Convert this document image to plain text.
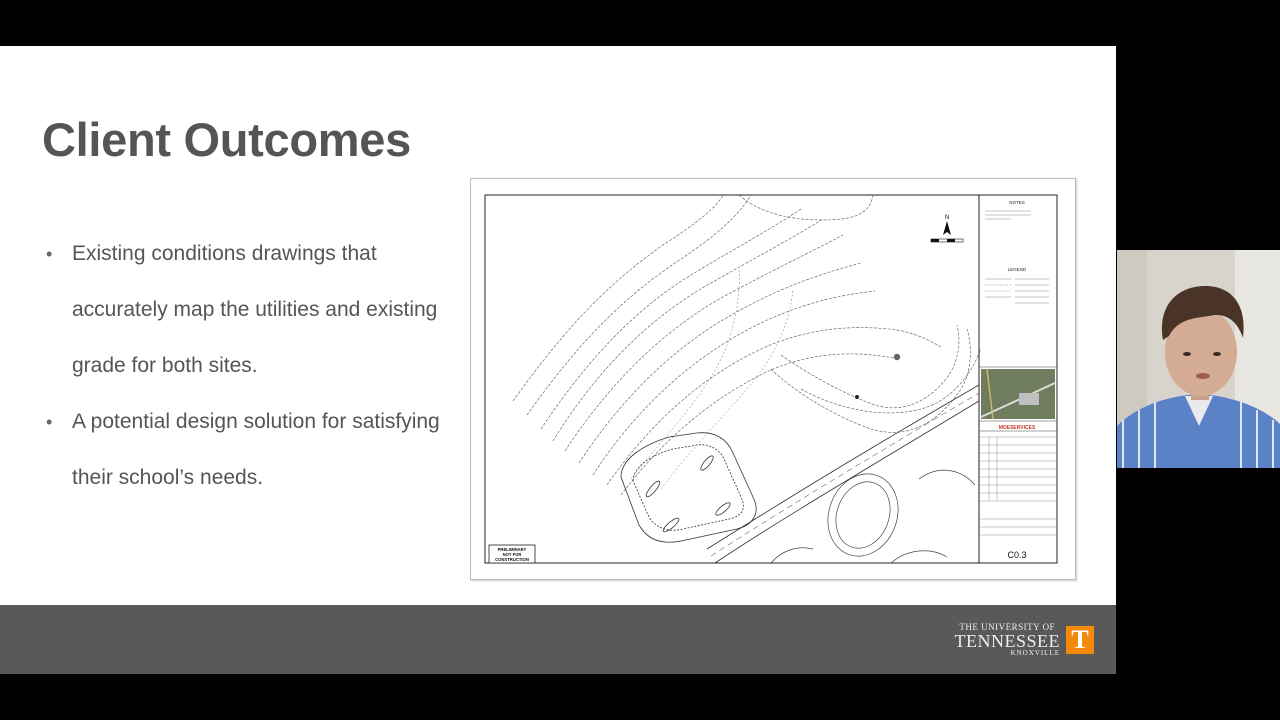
Client Outcomes
• Existing conditions drawings that accurately map the utilities and existing grade for both sites.
• A potential design solution for satisfying their school’s needs.
NOTES
LEGEND
MOESERVICES
C0.3
N
PRELIMINARY
NOT FOR
CONSTRUCTION
THE UNIVERSITY OF
TENNESSEE
KNOXVILLE T
